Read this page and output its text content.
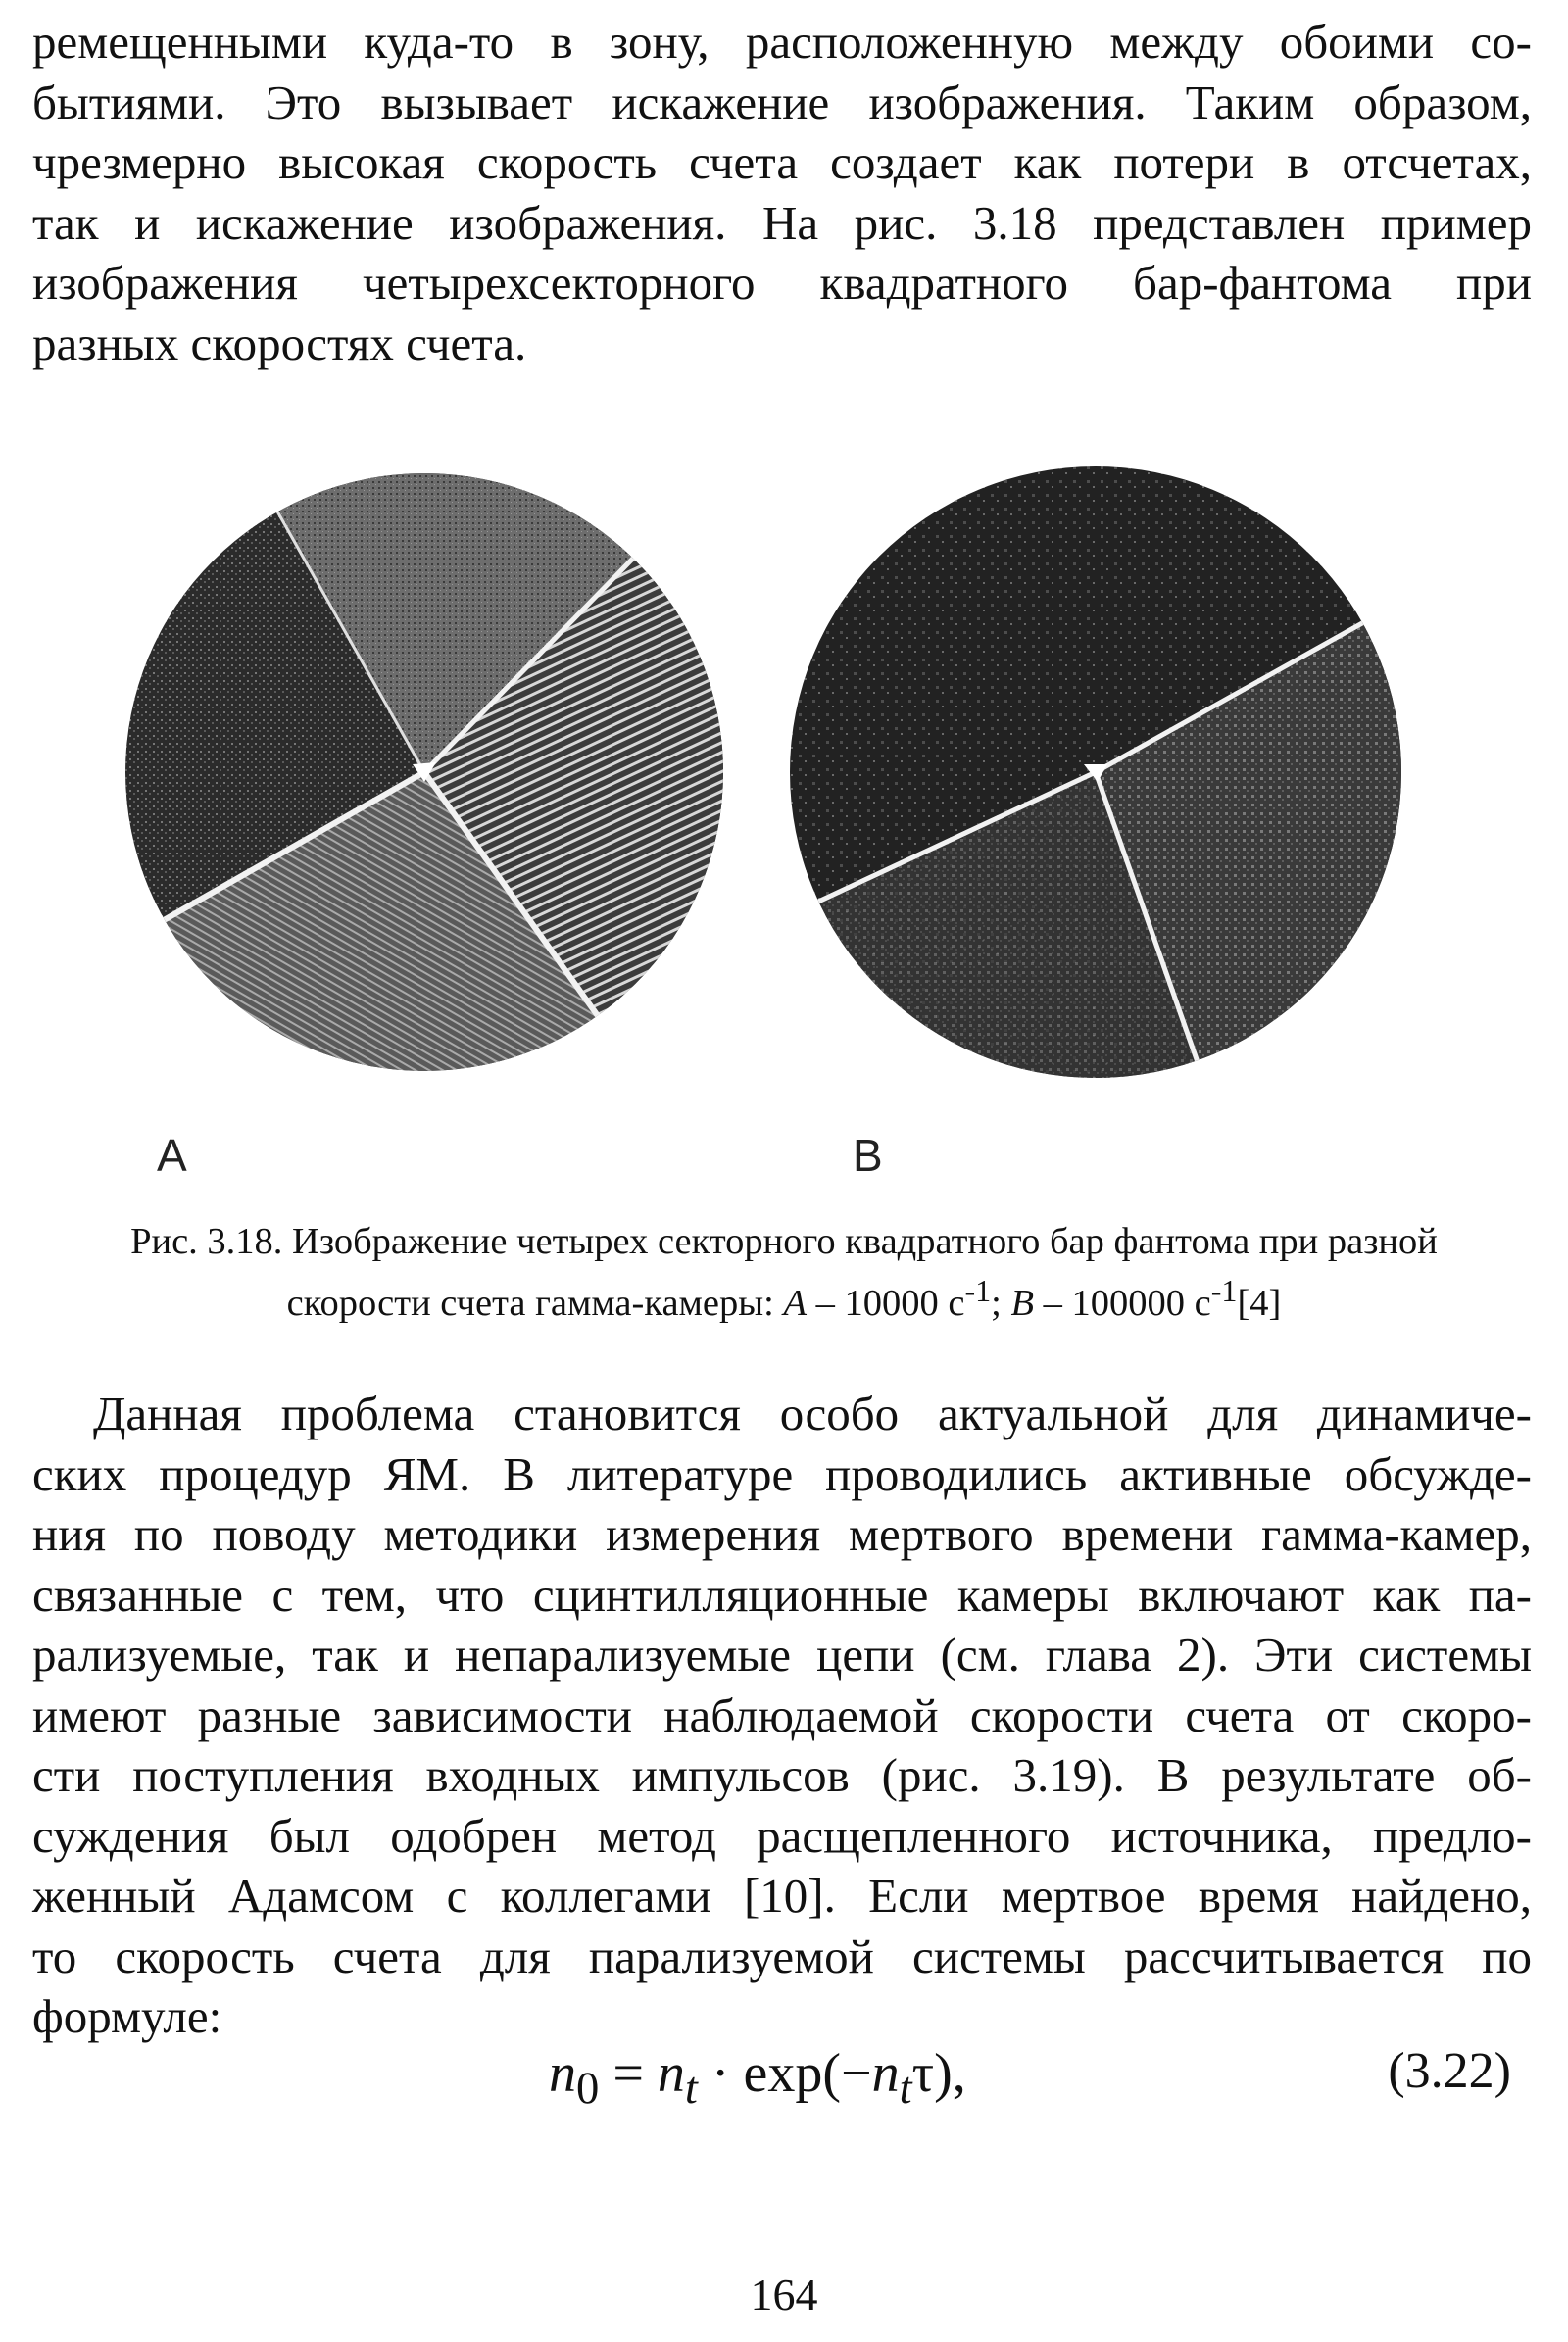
ремещенными куда-то в зону, расположенную между обоими со-
бытиями. Это вызывает искажение изображения. Таким образом,
чрезмерно высокая скорость счета создает как потери в отсчетах,
так и искажение изображения. На рис. 3.18 представлен пример
изображения четырехсекторного квадратного бар-фантома при
разных скоростях счета.
A	B
Рис. 3.18. Изображение четырех секторного квадратного бар фантома при разной
скорости счета гамма-камеры: А – 10000 $с^{-1}$; В – 100000 $с^{-1}[4]$
Данная проблема становится особо актуальной для динамиче-
ских процедур ЯМ. В литературе проводились активные обсужде-
ния по поводу методики измерения мертвого времени гамма-камер,
связанные с тем, что сцинтилляционные камеры включают как па-
рализуемые, так и непарализуемые цепи (см. глава 2). Эти системы
имеют разные зависимости наблюдаемой скорости счета от скоро-
сти поступления входных импульсов (рис. 3.19). В результате об-
суждения был одобрен метод расщепленного источника, предло-
женный Адамсом с коллегами [10]. Если мертвое время найдено,
то скорость счета для парализуемой системы рассчитывается по
формуле:
$n_0 = n_t \cdot \exp(-n_t\tau)$,	(3.22)
164
